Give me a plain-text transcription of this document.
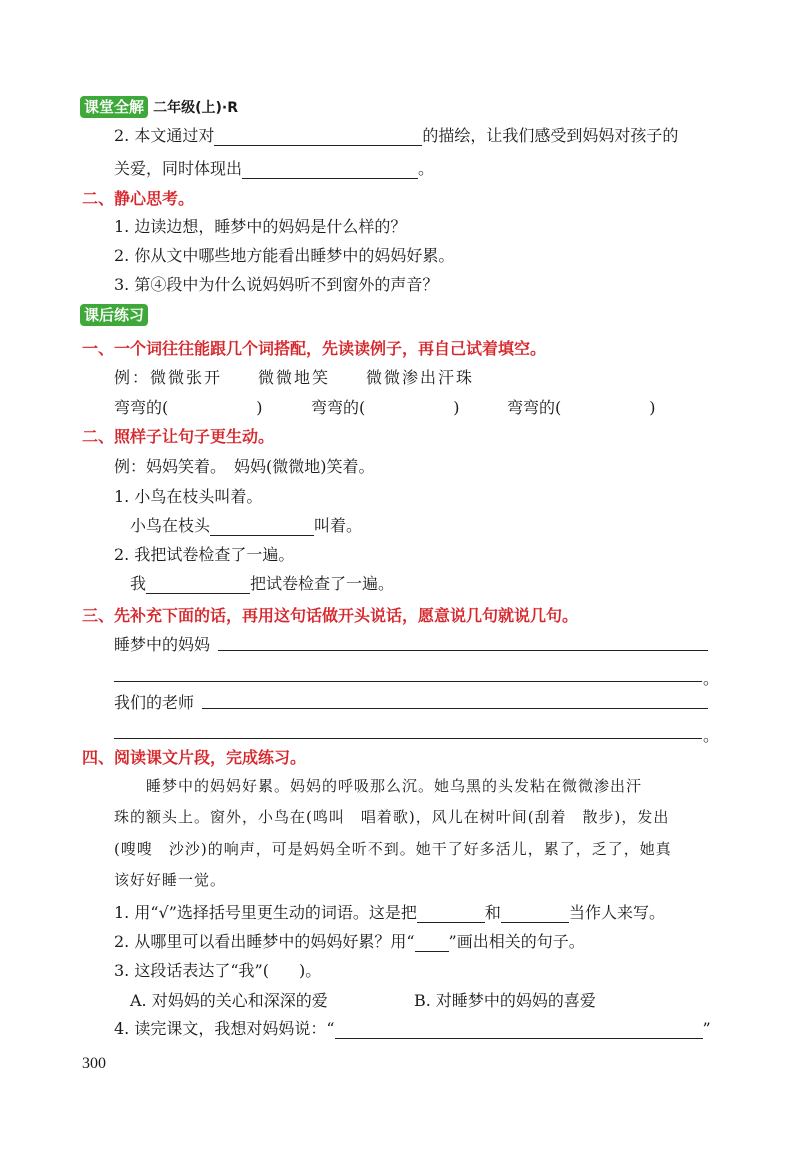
课堂全解 二年级(上)·R
2. 本文通过对	的描绘，让我们感受到妈妈对孩子的
关爱，同时体现出	。
二、静心思考。
1. 边读边想，睡梦中的妈妈是什么样的？
2. 你从文中哪些地方能看出睡梦中的妈妈好累。
3. 第④段中为什么说妈妈听不到窗外的声音？
课后练习
一、一个词往往能跟几个词搭配，先读读例子，再自己试着填空。
例：微微张开　　微微地笑　　微微渗出汗珠
弯弯的(	)	弯弯的(	)	弯弯的(	)
二、照样子让句子更生动。
例：妈妈笑着。　妈妈(微微地)笑着。
1. 小鸟在枝头叫着。
小鸟在枝头	叫着。
2. 我把试卷检查了一遍。
我	把试卷检查了一遍。
三、先补充下面的话，再用这句话做开头说话，愿意说几句就说几句。
睡梦中的妈妈
。
我们的老师
。
四、阅读课文片段，完成练习。
睡梦中的妈妈好累。妈妈的呼吸那么沉。她乌黑的头发粘在微微渗出汗
珠的额头上。窗外，小鸟在(鸣叫　唱着歌)，风儿在树叶间(刮着　散步)，发出
(嗖嗖　沙沙)的响声，可是妈妈全听不到。她干了好多活儿，累了，乏了，她真
该好好睡一觉。
1. 用“√”选择括号里更生动的词语。这是把	和	当作人来写。
2. 从哪里可以看出睡梦中的妈妈好累？用“ ”画出相关的句子。
3. 这段话表达了“我”( )。
A. 对妈妈的关心和深深的爱	B. 对睡梦中的妈妈的喜爱
4. 读完课文，我想对妈妈说：“	”
300
